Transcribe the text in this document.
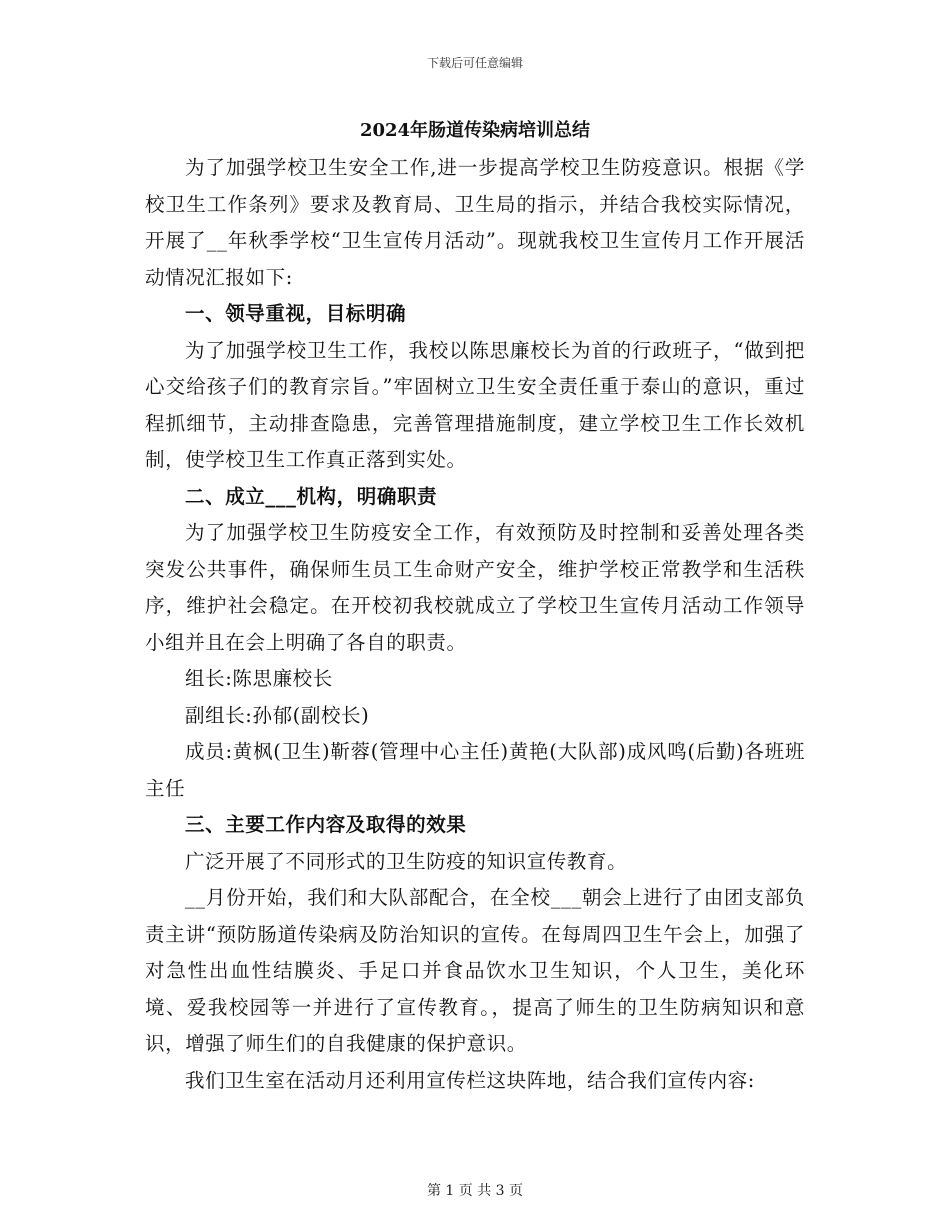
下载后可任意编辑
2024年肠道传染病培训总结

为了加强学校卫生安全工作,进一步提高学校卫生防疫意识。根据《学校卫生工作条列》要求及教育局、卫生局的指示，并结合我校实际情况，开展了__年秋季学校“卫生宣传月活动”。现就我校卫生宣传月工作开展活动情况汇报如下:

一、领导重视，目标明确

为了加强学校卫生工作，我校以陈思廉校长为首的行政班子，“做到把心交给孩子们的教育宗旨。”牢固树立卫生安全责任重于泰山的意识，重过程抓细节，主动排查隐患，完善管理措施制度，建立学校卫生工作长效机制，使学校卫生工作真正落到实处。

二、成立___机构，明确职责

为了加强学校卫生防疫安全工作，有效预防及时控制和妥善处理各类突发公共事件，确保师生员工生命财产安全，维护学校正常教学和生活秩序，维护社会稳定。在开校初我校就成立了学校卫生宣传月活动工作领导小组并且在会上明确了各自的职责。

组长:陈思廉校长

副组长:孙郁(副校长)

成员:黄枫(卫生)靳蓉(管理中心主任)黄艳(大队部)成风鸣(后勤)各班班主任

三、主要工作内容及取得的效果

广泛开展了不同形式的卫生防疫的知识宣传教育。

__月份开始，我们和大队部配合，在全校___朝会上进行了由团支部负责主讲“预防肠道传染病及防治知识的宣传。在每周四卫生午会上，加强了对急性出血性结膜炎、手足口并食品饮水卫生知识，个人卫生，美化环境、爱我校园等一并进行了宣传教育。，提高了师生的卫生防病知识和意识，增强了师生们的自我健康的保护意识。

我们卫生室在活动月还利用宣传栏这块阵地，结合我们宣传内容:

第 1 页 共 3 页
